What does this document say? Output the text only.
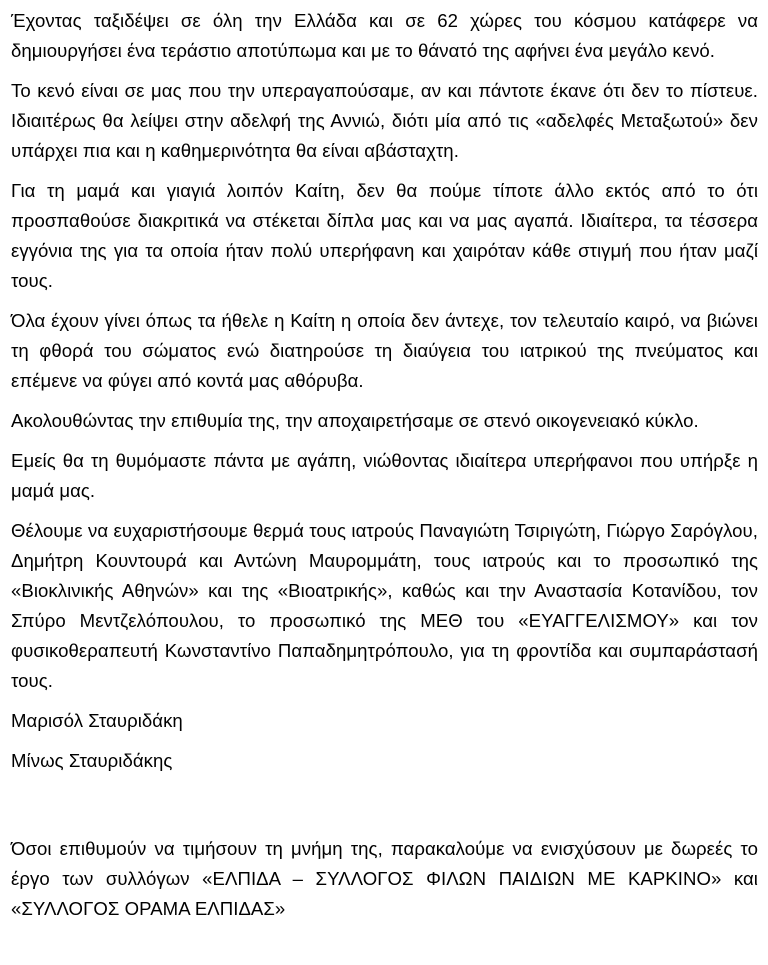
Έχοντας ταξιδέψει σε όλη την Ελλάδα και σε 62 χώρες του κόσμου κατάφερε να δημιουργήσει ένα τεράστιο αποτύπωμα και με το θάνατό της αφήνει ένα μεγάλο κενό.

Το κενό είναι σε μας που την υπεραγαπούσαμε, αν και πάντοτε έκανε ότι δεν το πίστευε. Ιδιαιτέρως θα λείψει στην αδελφή της Αννιώ, διότι μία από τις «αδελφές Μεταξωτού» δεν υπάρχει πια και η καθημερινότητα θα είναι αβάσταχτη.

Για τη μαμά και γιαγιά λοιπόν Καίτη, δεν θα πούμε τίποτε άλλο εκτός από το ότι προσπαθούσε διακριτικά να στέκεται δίπλα μας και να μας αγαπά. Ιδιαίτερα, τα τέσσερα εγγόνια της για τα οποία ήταν πολύ υπερήφανη και χαιρόταν κάθε στιγμή που ήταν μαζί τους.

Όλα έχουν γίνει όπως τα ήθελε η Καίτη η οποία δεν άντεχε, τον τελευταίο καιρό, να βιώνει τη φθορά του σώματος ενώ διατηρούσε τη διαύγεια του ιατρικού της πνεύματος και επέμενε να φύγει από κοντά μας αθόρυβα.

Ακολουθώντας την επιθυμία της, την αποχαιρετήσαμε σε στενό οικογενειακό κύκλο.

Εμείς θα τη θυμόμαστε πάντα με αγάπη, νιώθοντας ιδιαίτερα υπερήφανοι που υπήρξε η μαμά μας.

Θέλουμε να ευχαριστήσουμε θερμά τους ιατρούς Παναγιώτη Τσιριγώτη, Γιώργο Σαρόγλου, Δημήτρη Κουντουρά και Αντώνη Μαυρομμάτη, τους ιατρούς και το προσωπικό της «Βιοκλινικής Αθηνών» και της «Βιοατρικής», καθώς και την Αναστασία Κοτανίδου, τον Σπύρο Μεντζελόπουλου, το προσωπικό της ΜΕΘ του «ΕΥΑΓΓΕΛΙΣΜΟΥ» και τον φυσικοθεραπευτή Κωνσταντίνο Παπαδημητρόπουλο, για τη φροντίδα και συμπαράστασή τους.

Μαρισόλ Σταυριδάκη

Μίνως Σταυριδάκης

Όσοι επιθυμούν να τιμήσουν τη μνήμη της, παρακαλούμε να ενισχύσουν με δωρεές το έργο των συλλόγων «ΕΛΠΙΔΑ – ΣΥΛΛΟΓΟΣ ΦΙΛΩΝ ΠΑΙΔΙΩΝ ΜΕ ΚΑΡΚΙΝΟ» και «ΣΥΛΛΟΓΟΣ ΟΡΑΜΑ ΕΛΠΙΔΑΣ»
